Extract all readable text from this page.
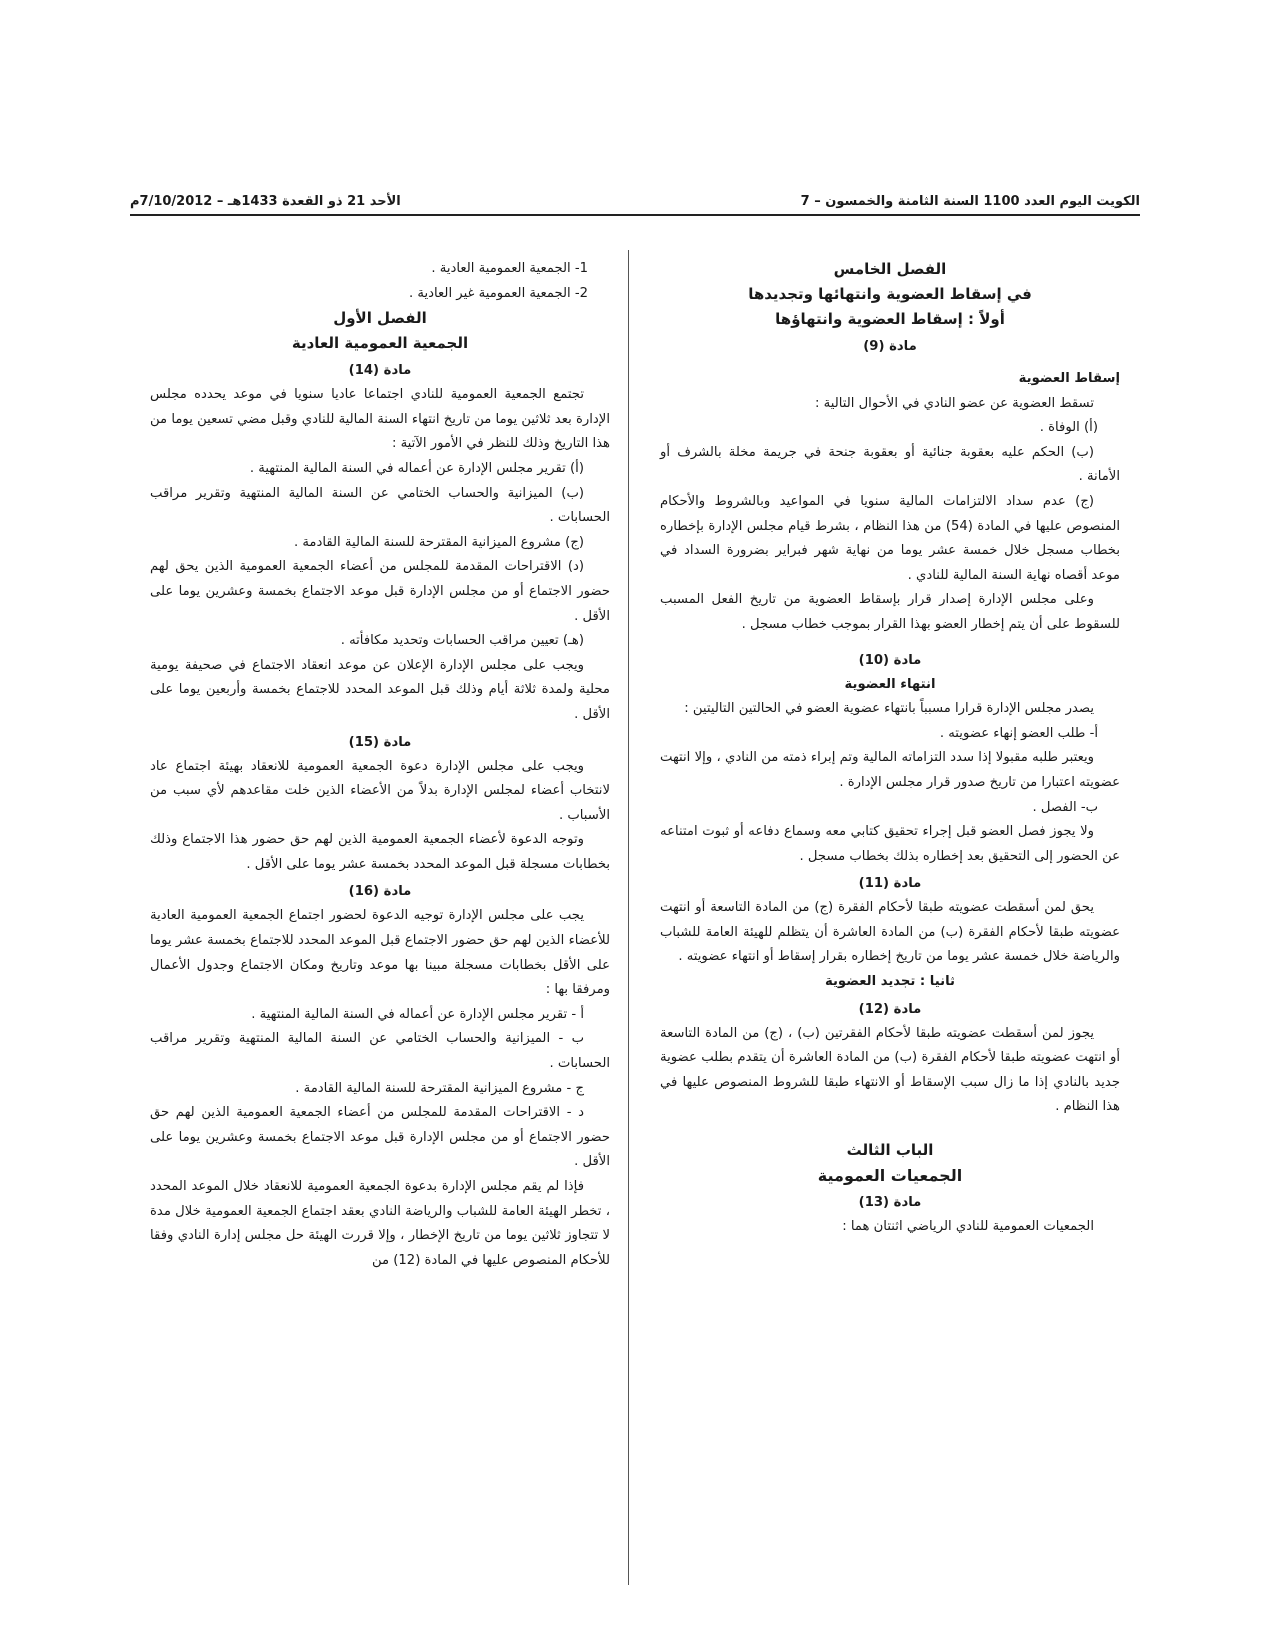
الكويت اليوم العدد 1100 السنة الثامنة والخمسون – 7
الأحد 21 ذو القعدة 1433هـ – 7/10/2012م

الفصل الخامس

في إسقاط العضوية وانتهائها وتجديدها

أولاً : إسقاط العضوية وانتهاؤها

مادة (9)

إسقاط العضوية

تسقط العضوية عن عضو النادي في الأحوال التالية :

(أ) الوفاة .

(ب) الحكم عليه بعقوبة جنائية أو بعقوبة جنحة في جريمة مخلة بالشرف أو الأمانة .

(ج) عدم سداد الالتزامات المالية سنويا في المواعيد وبالشروط والأحكام المنصوص عليها في المادة (54) من هذا النظام ، بشرط قيام مجلس الإدارة بإخطاره بخطاب مسجل خلال خمسة عشر يوما من نهاية شهر فبراير بضرورة السداد في موعد أقصاه نهاية السنة المالية للنادي .

وعلى مجلس الإدارة إصدار قرار بإسقاط العضوية من تاريخ الفعل المسبب للسقوط على أن يتم إخطار العضو بهذا القرار بموجب خطاب مسجل .

مادة (10)

انتهاء العضوية

يصدر مجلس الإدارة قرارا مسبباً بانتهاء عضوية العضو في الحالتين التاليتين :

أ- طلب العضو إنهاء عضويته .

ويعتبر طلبه مقبولا إذا سدد التزاماته المالية وتم إبراء ذمته من النادي ، وإلا انتهت عضويته اعتبارا من تاريخ صدور قرار مجلس الإدارة .

ب- الفصل .

ولا يجوز فصل العضو قبل إجراء تحقيق كتابي معه وسماع دفاعه أو ثبوت امتناعه عن الحضور إلى التحقيق بعد إخطاره بذلك بخطاب مسجل .

مادة (11)

يحق لمن أسقطت عضويته طبقا لأحكام الفقرة (ج) من المادة التاسعة أو انتهت عضويته طبقا لأحكام الفقرة (ب) من المادة العاشرة أن يتظلم للهيئة العامة للشباب والرياضة خلال خمسة عشر يوما من تاريخ إخطاره بقرار إسقاط أو انتهاء عضويته .

ثانيا : تجديد العضوية

مادة (12)

يجوز لمن أسقطت عضويته طبقا لأحكام الفقرتين (ب) ، (ج) من المادة التاسعة أو انتهت عضويته طبقا لأحكام الفقرة (ب) من المادة العاشرة أن يتقدم بطلب عضوية جديد بالنادي إذا ما زال سبب الإسقاط أو الانتهاء طبقا للشروط المنصوص عليها في هذا النظام .

الباب الثالث

الجمعيات العمومية

مادة (13)

الجمعيات العمومية للنادي الرياضي اثنتان هما :

1- الجمعية العمومية العادية .

2- الجمعية العمومية غير العادية .

الفصل الأول

الجمعية العمومية العادية

مادة (14)

تجتمع الجمعية العمومية للنادي اجتماعا عاديا سنويا في موعد يحدده مجلس الإدارة بعد ثلاثين يوما من تاريخ انتهاء السنة المالية للنادي وقبل مضي تسعين يوما من هذا التاريخ وذلك للنظر في الأمور الآتية :

(أ) تقرير مجلس الإدارة عن أعماله في السنة المالية المنتهية .

(ب) الميزانية والحساب الختامي عن السنة المالية المنتهية وتقرير مراقب الحسابات .

(ج) مشروع الميزانية المقترحة للسنة المالية القادمة .

(د) الاقتراحات المقدمة للمجلس من أعضاء الجمعية العمومية الذين يحق لهم حضور الاجتماع أو من مجلس الإدارة قبل موعد الاجتماع بخمسة وعشرين يوما على الأقل .

(هـ) تعيين مراقب الحسابات وتحديد مكافأته .

ويجب على مجلس الإدارة الإعلان عن موعد انعقاد الاجتماع في صحيفة يومية محلية ولمدة ثلاثة أيام وذلك قبل الموعد المحدد للاجتماع بخمسة وأربعين يوما على الأقل .

مادة (15)

ويجب على مجلس الإدارة دعوة الجمعية العمومية للانعقاد بهيئة اجتماع عاد لانتخاب أعضاء لمجلس الإدارة بدلاً من الأعضاء الذين خلت مقاعدهم لأي سبب من الأسباب .

وتوجه الدعوة لأعضاء الجمعية العمومية الذين لهم حق حضور هذا الاجتماع وذلك بخطابات مسجلة قبل الموعد المحدد بخمسة عشر يوما على الأقل .

مادة (16)

يجب على مجلس الإدارة توجيه الدعوة لحضور اجتماع الجمعية العمومية العادية للأعضاء الذين لهم حق حضور الاجتماع قبل الموعد المحدد للاجتماع بخمسة عشر يوما على الأقل بخطابات مسجلة مبينا بها موعد وتاريخ ومكان الاجتماع وجدول الأعمال ومرفقا بها :

أ - تقرير مجلس الإدارة عن أعماله في السنة المالية المنتهية .

ب - الميزانية والحساب الختامي عن السنة المالية المنتهية وتقرير مراقب الحسابات .

ج - مشروع الميزانية المقترحة للسنة المالية القادمة .

د - الاقتراحات المقدمة للمجلس من أعضاء الجمعية العمومية الذين لهم حق حضور الاجتماع أو من مجلس الإدارة قبل موعد الاجتماع بخمسة وعشرين يوما على الأقل .

فإذا لم يقم مجلس الإدارة بدعوة الجمعية العمومية للانعقاد خلال الموعد المحدد ، تخطر الهيئة العامة للشباب والرياضة النادي بعقد اجتماع الجمعية العمومية خلال مدة لا تتجاوز ثلاثين يوما من تاريخ الإخطار ، وإلا قررت الهيئة حل مجلس إدارة النادي وفقا للأحكام المنصوص عليها في المادة (12) من
